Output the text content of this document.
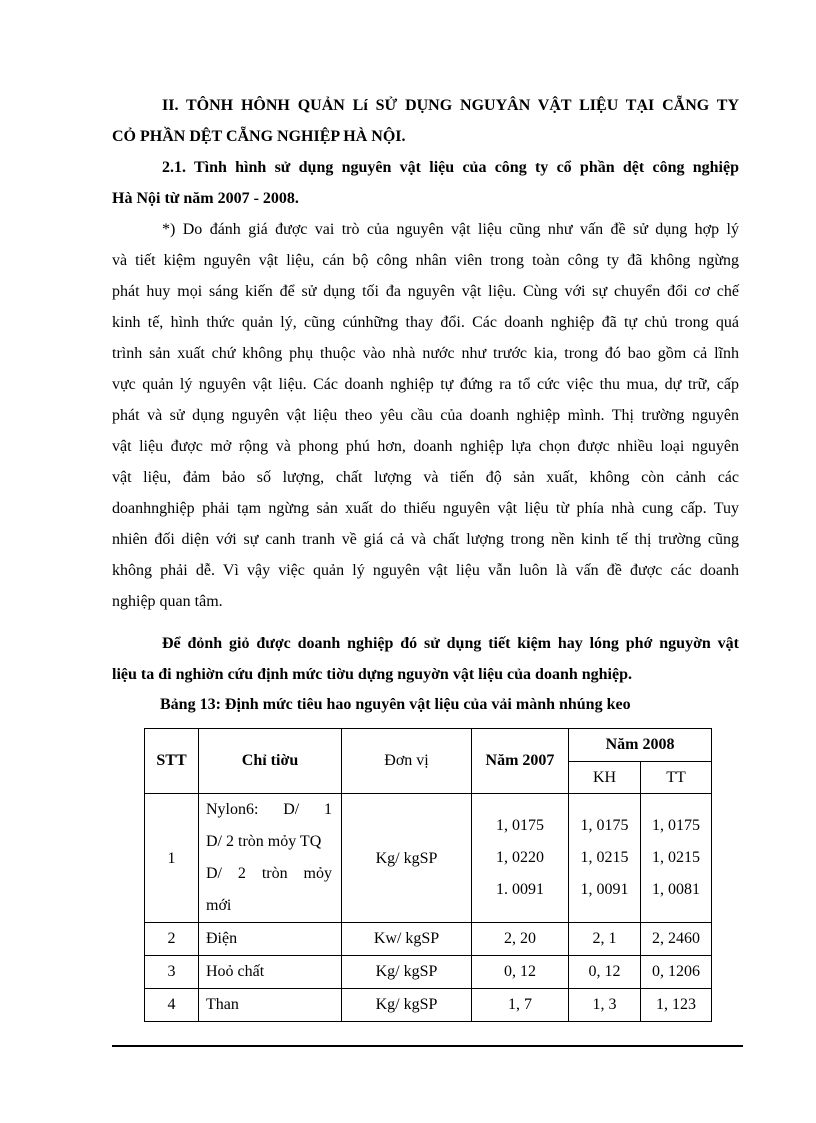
II. TÔNH HÔNH QUẢN Lí SỬ DỤNG NGUYÂN VẬT LIỆU TẠI CẴNG TY
CỎ PHẦN DỆT CẴNG NGHIỆP HÀ NỘI.
2.1. Tình hình sử dụng nguyên vật liệu của công ty cổ phần dệt công nghiệp
Hà Nội từ năm 2007 - 2008.
*) Do đánh giá được vai trò của nguyên vật liệu cũng như vấn đề sử dụng hợp lý
và tiết kiệm nguyên vật liệu, cán bộ công nhân viên trong toàn công ty đã không ngừng
phát huy mọi sáng kiến để sử dụng tối đa nguyên vật liệu. Cùng với sự chuyển đổi cơ chế
kinh tế, hình thức quản lý, cũng cúnhững thay đổi. Các doanh nghiệp đã tự chủ trong quá
trình sản xuất chứ không phụ thuộc vào nhà nước như trước kia, trong đó bao gồm cả lĩnh
vực quản lý nguyên vật liệu. Các doanh nghiệp tự đứng ra tổ cức việc thu mua, dự trữ, cấp
phát và sử dụng nguyên vật liệu theo yêu cầu của doanh nghiệp mình. Thị trường nguyên
vật liệu được mở rộng và phong phú hơn, doanh nghiệp lựa chọn được nhiều loại nguyên
vật liệu, đảm bảo số lượng, chất lượng và tiến độ sản xuất, không còn cảnh các
doanhnghiệp phải tạm ngừng sản xuất do thiếu nguyên vật liệu từ phía nhà cung cấp. Tuy
nhiên đối diện với sự canh tranh về giá cả và chất lượng trong nền kinh tế thị trường cũng
không phải dễ. Vì vậy việc quản lý nguyên vật liệu vẫn luôn là vấn đề được các doanh
nghiệp quan tâm.
Để đỏnh giỏ được doanh nghiệp đó sử dụng tiết kiệm hay lóng phớ nguyờn vật
liệu ta đi nghiờn cứu định mức tiờu dựng nguyờn vật liệu của doanh nghiệp.

Bảng 13: Định mức tiêu hao nguyên vật liệu của vải mành nhúng keo

STT	Chỉ tiờu	Đơn vị	Năm 2007	Năm 2008	
				KH	TT
1	Nylon6: D/ 1
D/ 2 tròn mỏy TQ
D/ 2 tròn mỏy
mới	Kg/ kgSP	1, 0175
1, 0220
1. 0091	1, 0175
1, 0215
1, 0091	1, 0175
1, 0215
1, 0081

2	Điện	Kw/ kgSP	2, 20	2, 1	2, 2460
3	Hoỏ chất	Kg/ kgSP	0, 12	0, 12	0, 1206
4	Than	Kg/ kgSP	1, 7	1, 3	1, 123
